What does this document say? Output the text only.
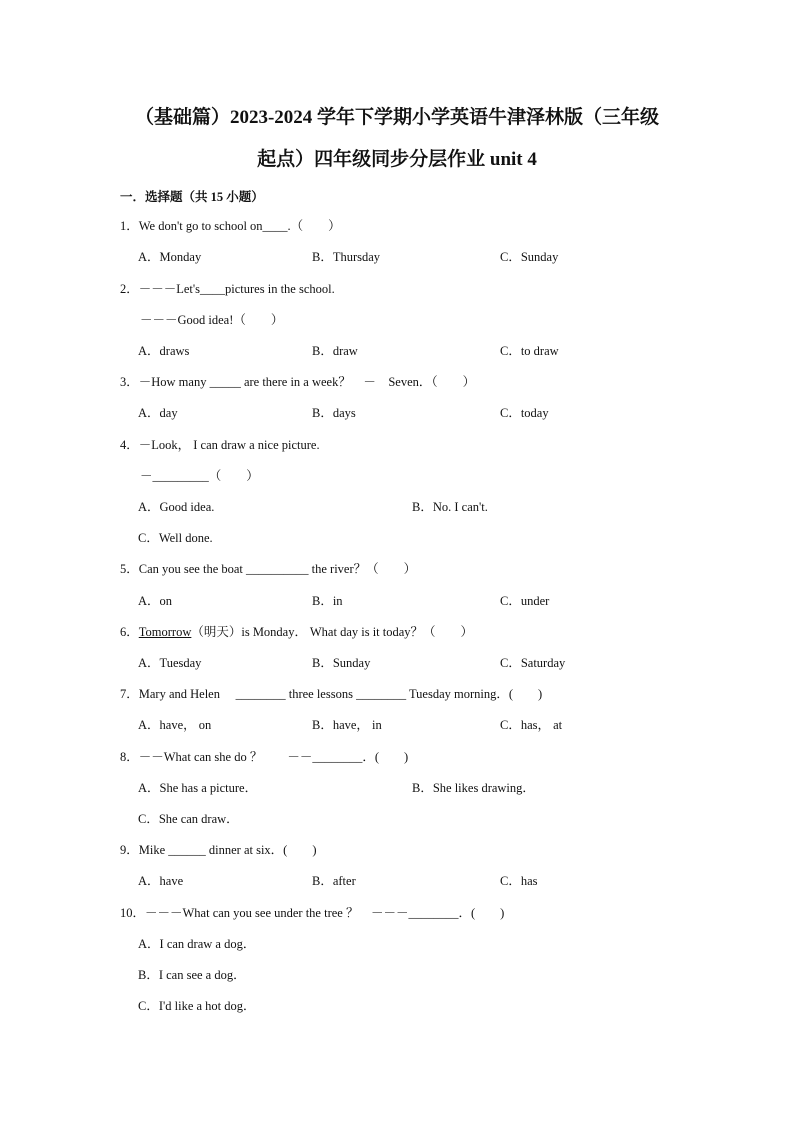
（基础篇）2023-2024 学年下学期小学英语牛津泽林版（三年级
起点）四年级同步分层作业 unit 4
一．选择题（共 15 小题）
1．We don't go to school on____.（　　）
A．Monday	B．Thursday	C．Sunday
2．－－－Let's____pictures in the school.
－－－Good idea!（　　）
A．draws	B．draw	C．to draw
3．－How many _____ are there in a week？　－　Seven．（　　）
A．day	B．days	C．today
4．－Look， I can draw a nice picture.
－_________（　　）
A．Good idea.	B．No. I can't.
C．Well done.
5．Can you see the boat __________ the river？（　　）
A．on	B．in	C．under
6．Tomorrow（明天）is Monday． What day is it today？（　　）
A．Tuesday	B．Sunday	C．Saturday
7．Mary and Helen　 ________ three lessons ________ Tuesday morning．(　　)
A．have， on	B．have， in	C．has， at
8．－－What can she do ？　　－－________．(　　)
A．She has a picture．	B．She likes drawing．
C．She can draw．
9．Mike ______ dinner at six．(　　)
A．have	B．after	C．has
10．－－－What can you see under the tree ？　－－－________．(　　)
A．I can draw a dog．
B．I can see a dog．
C．I'd like a hot dog．
